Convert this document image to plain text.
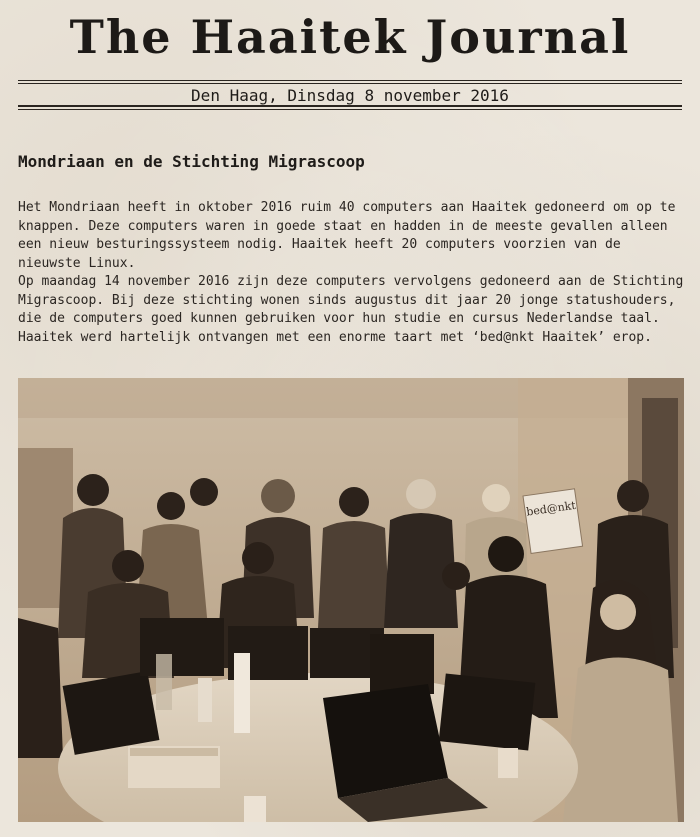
The Haaitek Journal
Den Haag, Dinsdag 8 november 2016
Mondriaan en de Stichting Migrascoop

Het Mondriaan heeft in oktober 2016 ruim 40 computers aan Haaitek gedoneerd om op te knappen. Deze computers waren in goede staat en hadden in de meeste gevallen alleen een nieuw besturingssysteem nodig. Haaitek heeft 20 computers voorzien van de nieuwste Linux.

Op maandag 14 november 2016 zijn deze computers vervolgens gedoneerd aan de Stichting Migrascoop. Bij deze stichting wonen sinds augustus dit jaar 20 jonge statushouders, die de computers goed kunnen gebruiken voor hun studie en cursus Nederlandse taal. Haaitek werd hartelijk ontvangen met een enorme taart met ‘bed@nkt Haaitek’ erop.

bed@nkt
